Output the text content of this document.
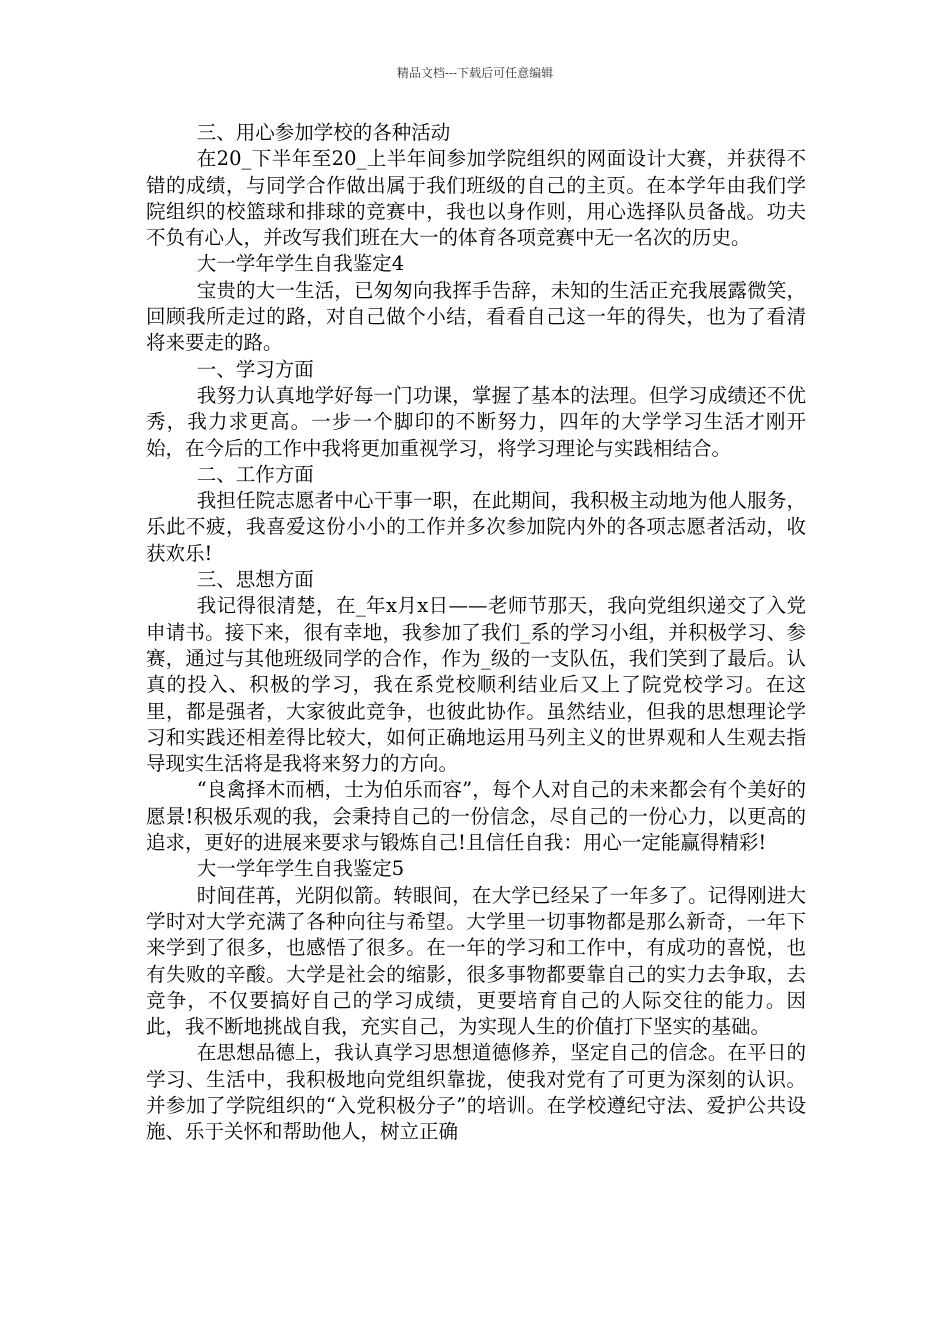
精品文档---下载后可任意编辑

三、用心参加学校的各种活动

在20_下半年至20_上半年间参加学院组织的网面设计大赛，并获得不错的成绩，与同学合作做出属于我们班级的自己的主页。在本学年由我们学院组织的校篮球和排球的竞赛中，我也以身作则，用心选择队员备战。功夫不负有心人，并改写我们班在大一的体育各项竞赛中无一名次的历史。

大一学年学生自我鉴定4

宝贵的大一生活，已匆匆向我挥手告辞，未知的生活正充我展露微笑，回顾我所走过的路，对自己做个小结，看看自己这一年的得失，也为了看清将来要走的路。

一、学习方面

我努力认真地学好每一门功课，掌握了基本的法理。但学习成绩还不优秀，我力求更高。一步一个脚印的不断努力，四年的大学学习生活才刚开始，在今后的工作中我将更加重视学习，将学习理论与实践相结合。

二、工作方面

我担任院志愿者中心干事一职，在此期间，我积极主动地为他人服务，乐此不疲，我喜爱这份小小的工作并多次参加院内外的各项志愿者活动，收获欢乐!

三、思想方面

我记得很清楚，在_年x月x日——老师节那天，我向党组织递交了入党申请书。接下来，很有幸地，我参加了我们_系的学习小组，并积极学习、参赛，通过与其他班级同学的合作，作为_级的一支队伍，我们笑到了最后。认真的投入、积极的学习，我在系党校顺利结业后又上了院党校学习。在这里，都是强者，大家彼此竞争，也彼此协作。虽然结业，但我的思想理论学习和实践还相差得比较大，如何正确地运用马列主义的世界观和人生观去指导现实生活将是我将来努力的方向。

“良禽择木而栖，士为伯乐而容”，每个人对自己的未来都会有个美好的愿景!积极乐观的我，会秉持自己的一份信念，尽自己的一份心力，以更高的追求，更好的进展来要求与锻炼自己!且信任自我：用心一定能赢得精彩!

大一学年学生自我鉴定5

时间荏苒，光阴似箭。转眼间，在大学已经呆了一年多了。记得刚进大学时对大学充满了各种向往与希望。大学里一切事物都是那么新奇，一年下来学到了很多，也感悟了很多。在一年的学习和工作中，有成功的喜悦，也有失败的辛酸。大学是社会的缩影，很多事物都要靠自己的实力去争取，去竞争，不仅要搞好自己的学习成绩，更要培育自己的人际交往的能力。因此，我不断地挑战自我，充实自己，为实现人生的价值打下坚实的基础。

在思想品德上，我认真学习思想道德修养，坚定自己的信念。在平日的学习、生活中，我积极地向党组织靠拢，使我对党有了可更为深刻的认识。并参加了学院组织的“入党积极分子”的培训。在学校遵纪守法、爱护公共设施、乐于关怀和帮助他人，树立正确
